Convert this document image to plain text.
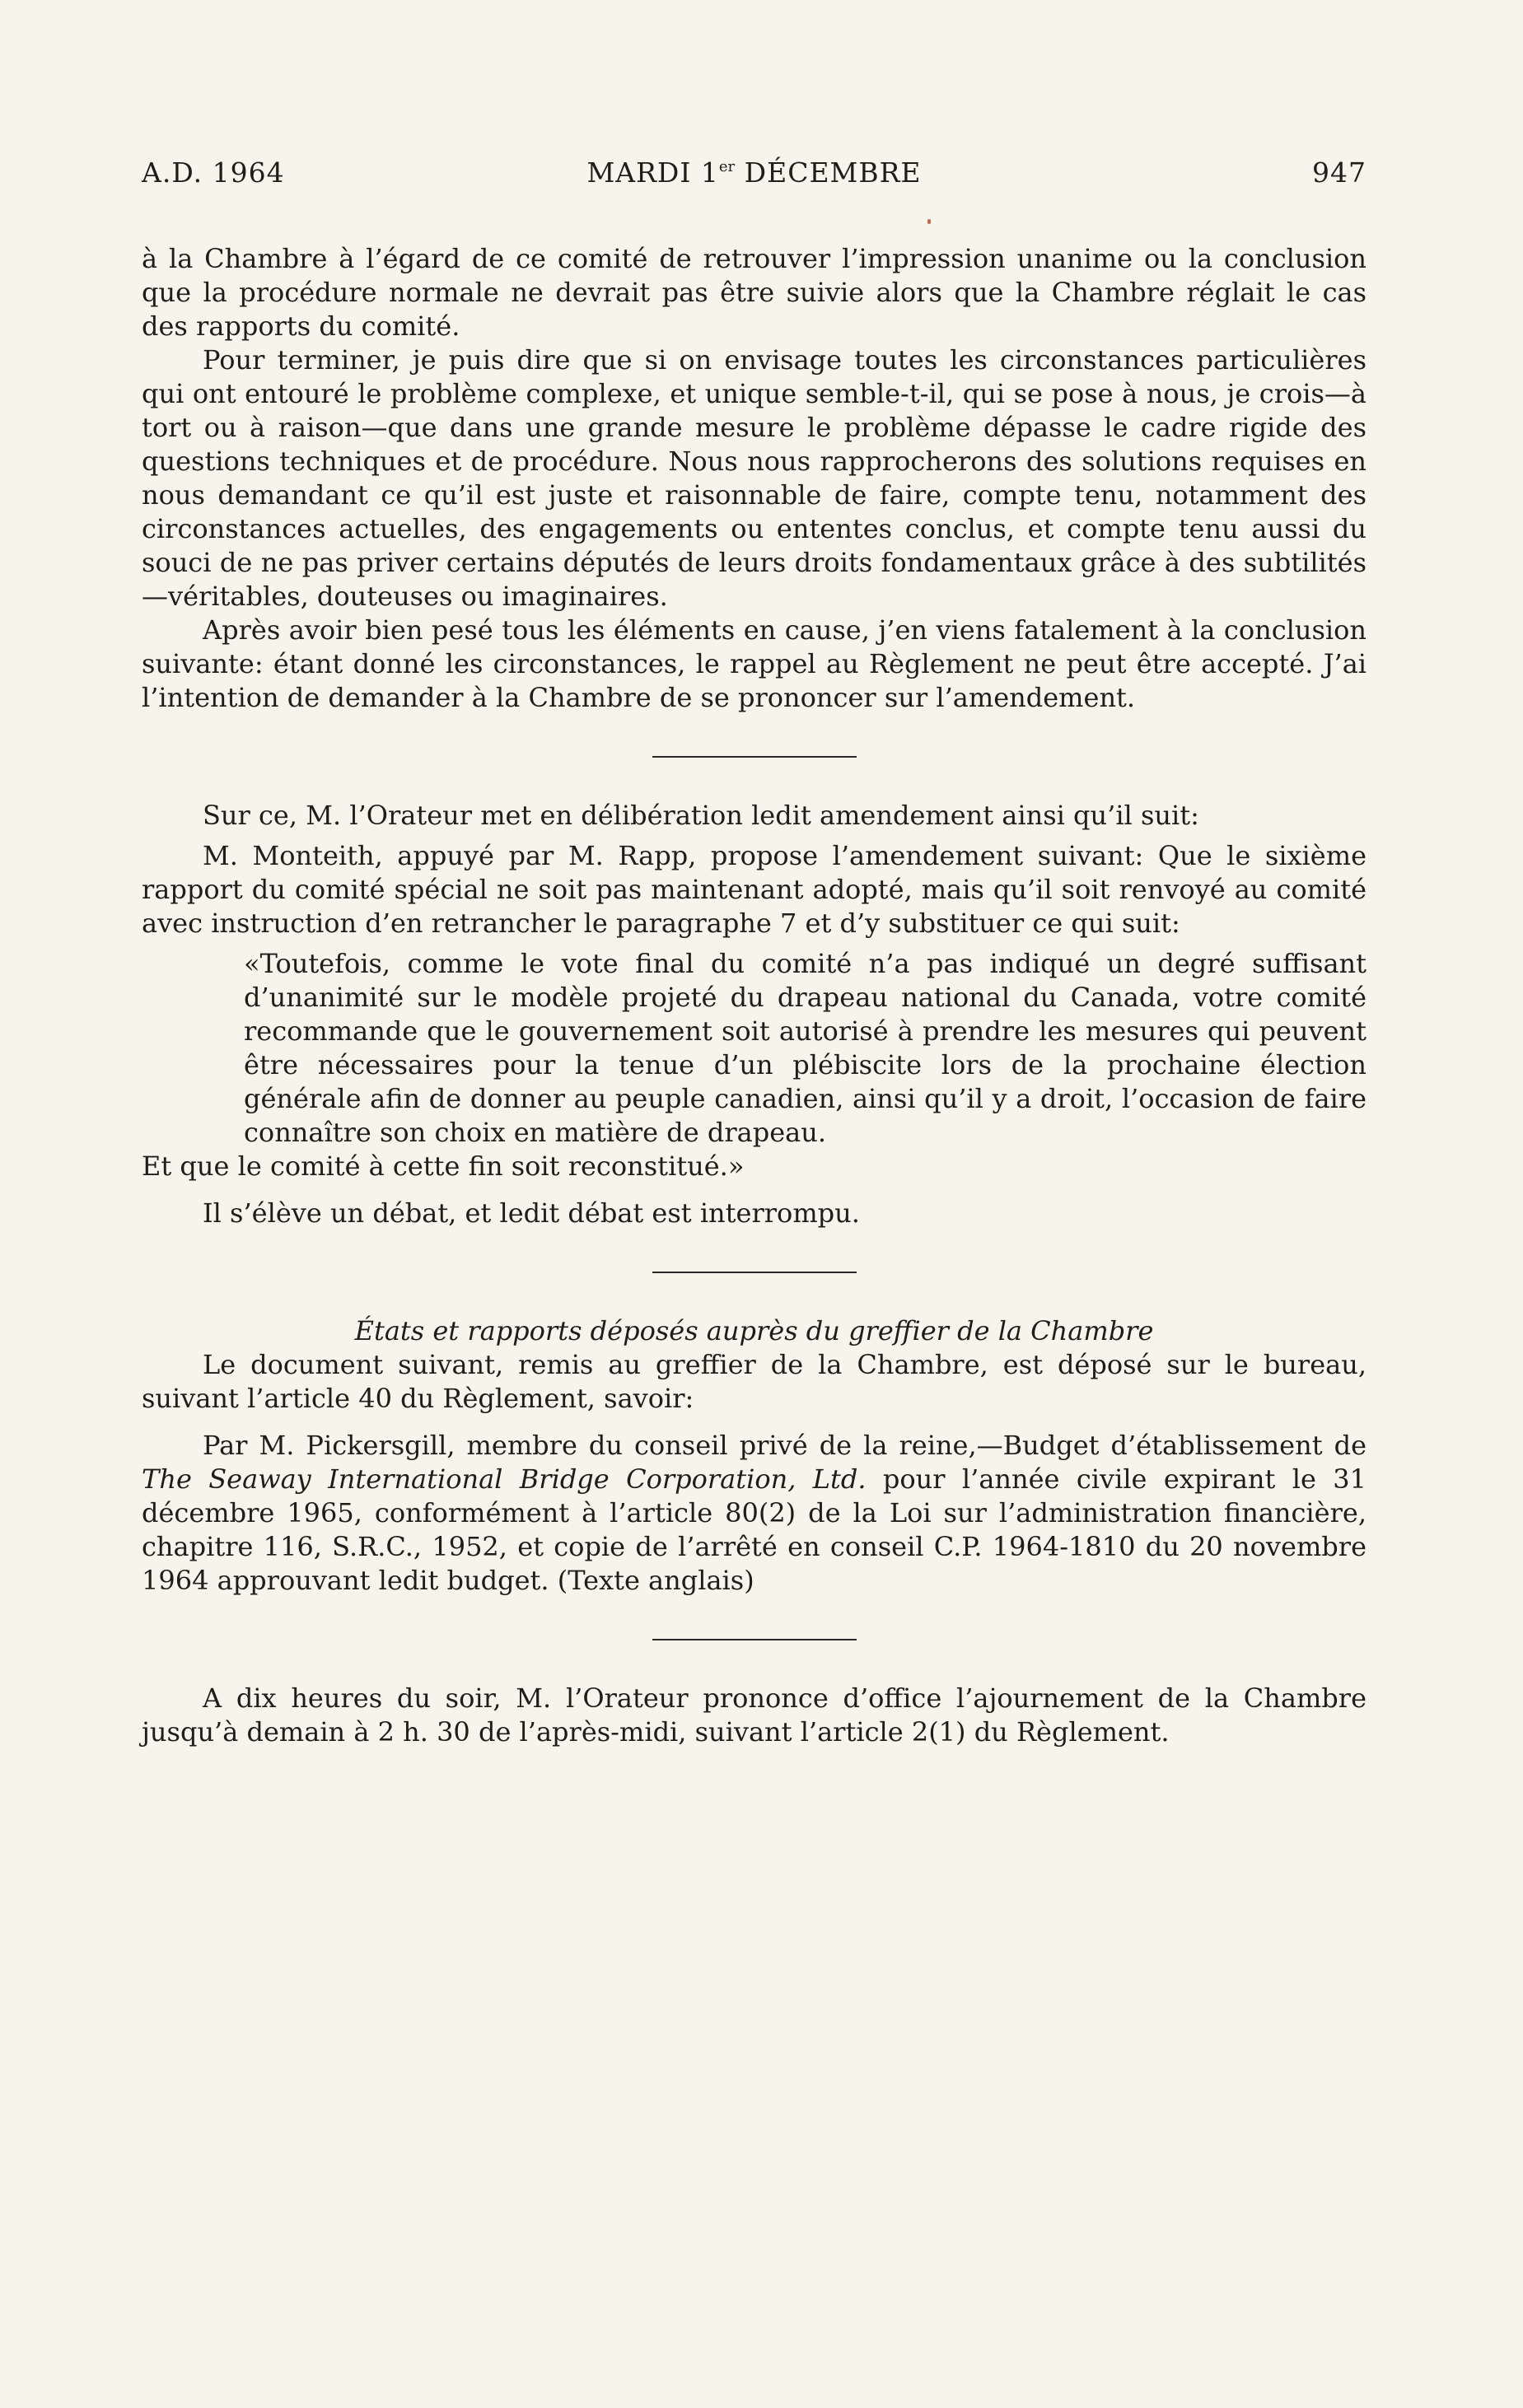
A.D. 1964	MARDI 1er DÉCEMBRE	947

à la Chambre à l’égard de ce comité de retrouver l’impression unanime ou la conclusion que la procédure normale ne devrait pas être suivie alors que la Chambre réglait le cas des rapports du comité.

Pour terminer, je puis dire que si on envisage toutes les circonstances particulières qui ont entouré le problème complexe, et unique semble-t-il, qui se pose à nous, je crois—à tort ou à raison—que dans une grande mesure le problème dépasse le cadre rigide des questions techniques et de procédure. Nous nous rapprocherons des solutions requises en nous demandant ce qu’il est juste et raisonnable de faire, compte tenu, notamment des circonstances actuelles, des engagements ou ententes conclus, et compte tenu aussi du souci de ne pas priver certains députés de leurs droits fondamentaux grâce à des subtilités—véritables, douteuses ou imaginaires.

Après avoir bien pesé tous les éléments en cause, j’en viens fatalement à la conclusion suivante: étant donné les circonstances, le rappel au Règlement ne peut être accepté. J’ai l’intention de demander à la Chambre de se prononcer sur l’amendement.

Sur ce, M. l’Orateur met en délibération ledit amendement ainsi qu’il suit:

M. Monteith, appuyé par M. Rapp, propose l’amendement suivant: Que le sixième rapport du comité spécial ne soit pas maintenant adopté, mais qu’il soit renvoyé au comité avec instruction d’en retrancher le paragraphe 7 et d’y substituer ce qui suit:

«Toutefois, comme le vote final du comité n’a pas indiqué un degré suffisant d’unanimité sur le modèle projeté du drapeau national du Canada, votre comité recommande que le gouvernement soit autorisé à prendre les mesures qui peuvent être nécessaires pour la tenue d’un plébiscite lors de la prochaine élection générale afin de donner au peuple canadien, ainsi qu’il y a droit, l’occasion de faire connaître son choix en matière de drapeau.

Et que le comité à cette fin soit reconstitué.»

Il s’élève un débat, et ledit débat est interrompu.

États et rapports déposés auprès du greffier de la Chambre

Le document suivant, remis au greffier de la Chambre, est déposé sur le bureau, suivant l’article 40 du Règlement, savoir:

Par M. Pickersgill, membre du conseil privé de la reine,—Budget d’établissement de The Seaway International Bridge Corporation, Ltd. pour l’année civile expirant le 31 décembre 1965, conformément à l’article 80(2) de la Loi sur l’administration financière, chapitre 116, S.R.C., 1952, et copie de l’arrêté en conseil C.P. 1964-1810 du 20 novembre 1964 approuvant ledit budget. (Texte anglais)

A dix heures du soir, M. l’Orateur prononce d’office l’ajournement de la Chambre jusqu’à demain à 2 h. 30 de l’après-midi, suivant l’article 2(1) du Règlement.
